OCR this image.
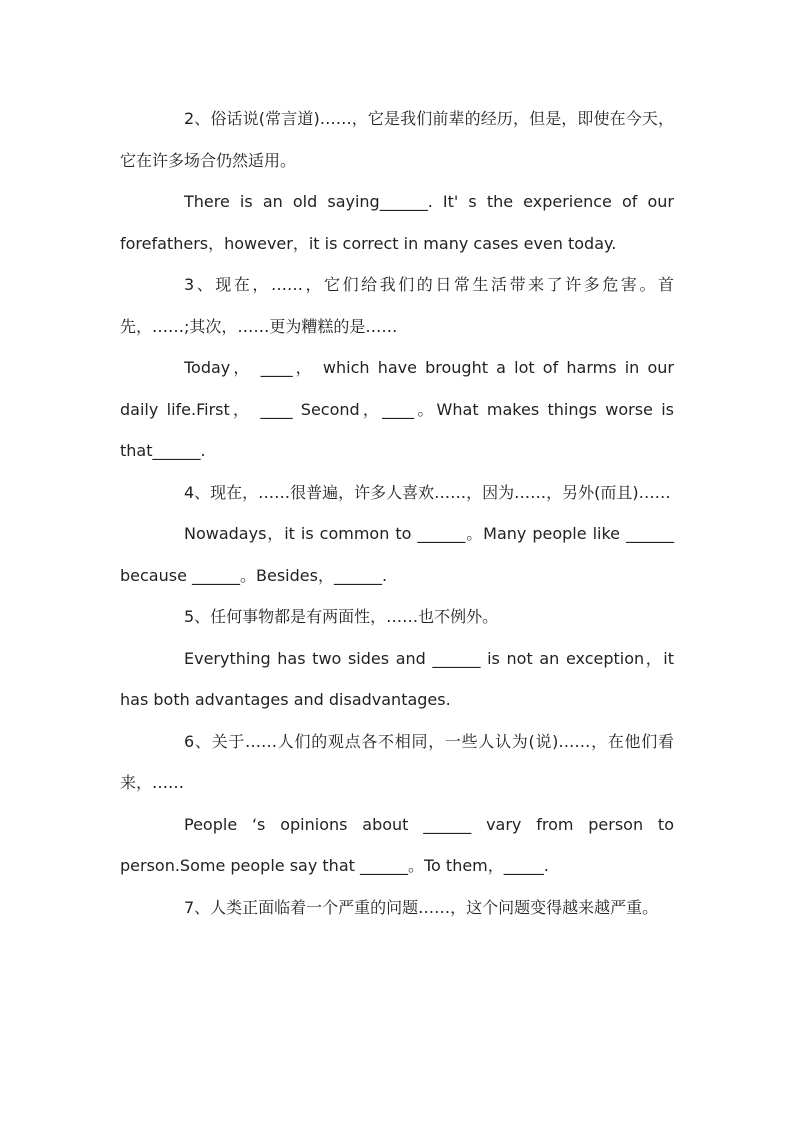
2、俗话说(常言道)……，它是我们前辈的经历，但是，即使在今天，它在许多场合仍然适用。

There is an old saying______. It' s the experience of our forefathers，however，it is correct in many cases even today.

3、现在，……，它们给我们的日常生活带来了许多危害。首先，……;其次，……更为糟糕的是……

Today， ____， which have brought a lot of harms in our daily life.First， ____ Second，____。What makes things worse is that______.

4、现在，……很普遍，许多人喜欢……，因为……，另外(而且)……

Nowadays，it is common to ______。Many people like ______ because ______。Besides，______.

5、任何事物都是有两面性，……也不例外。

Everything has two sides and ______ is not an exception，it has both advantages and disadvantages.

6、关于……人们的观点各不相同，一些人认为(说)……，在他们看来，……

People ‘s opinions about ______ vary from person to person.Some people say that ______。To them，_____.

7、人类正面临着一个严重的问题……，这个问题变得越来越严重。
